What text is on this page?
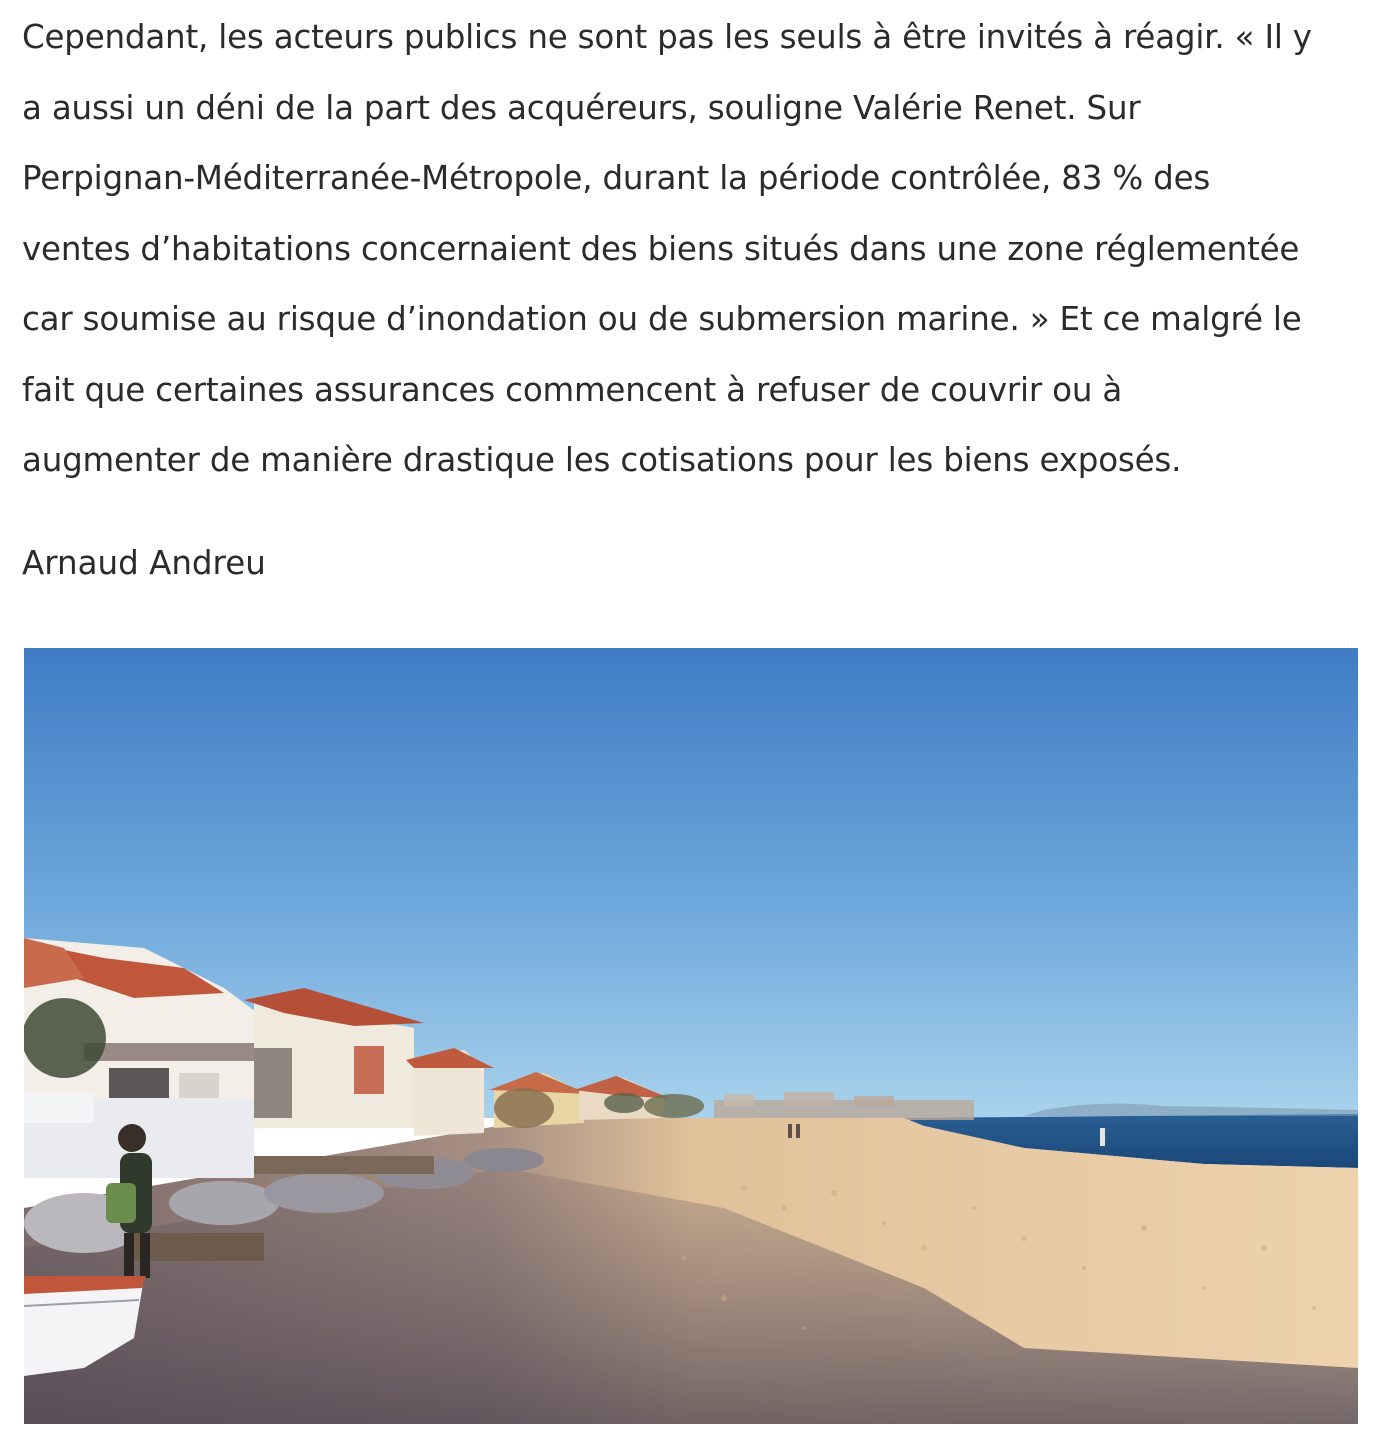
Cependant, les acteurs publics ne sont pas les seuls à être invités à réagir. « Il y
a aussi un déni de la part des acquéreurs, souligne Valérie Renet. Sur
Perpignan-Méditerranée-Métropole, durant la période contrôlée, 83 % des
ventes d’habitations concernaient des biens situés dans une zone réglementée
car soumise au risque d’inondation ou de submersion marine. » Et ce malgré le
fait que certaines assurances commencent à refuser de couvrir ou à
augmenter de manière drastique les cotisations pour les biens exposés.

Arnaud Andreu
